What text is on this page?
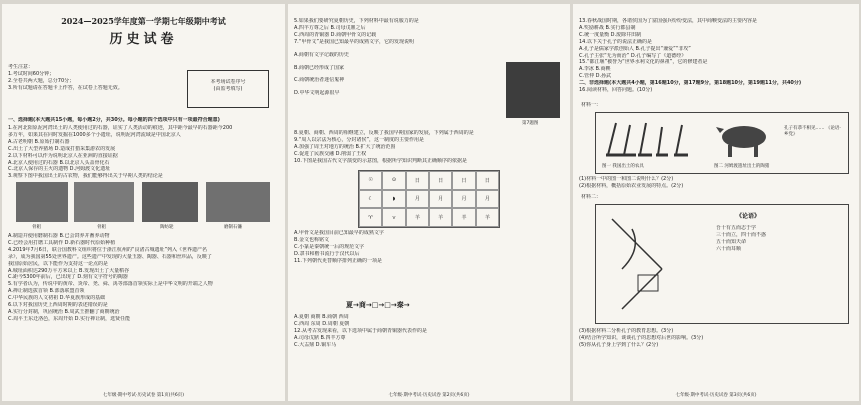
2024—2025学年度第一学期七年级期中考试
历史试卷
考生注意：
1.考试时间60分钟；
2.全卷共两大题，总分70分；
3.所有试题请在答题卡上作答，在试卷上答题无效。
本考场试卷序号
(由监考填写)
一、选择题(本大题共15小题，每小题2分，共30分。每小题的四个选项中只有一项最符合题意)
1.在河北阳原泥河湾出土的人类使用过的石器，证实了人类活动的痕迹，其中距今最早的石器距今200
多万年，如果其在同时发掘在1000多个小遗址，说明泥河湾流域是中国北京人
A.古老明朝 B.原始打制石器
C.出土了大型养猪场 D.造成打猎采集游农的发展
2.以下材料可以作为说明北京人在亚洲的直接证据
A.北京人使用过的石器 B.以北京人头盖骨化石
C.北京人保存的主火的遗物 D.河姆渡文化遗址
3.观察下图中我国出土的古农物，我们能够得出关于早期人类的结论是
骨耜	骨耜	陶纺轮	磨制石镰
A.制造并使用磨制石器 B.已会饲养并畜养动物
C.已经会用打磨工具制作 D.新石器时代原始种植
4.2019年7月6日，联合国教科文组织将位于浙江杭州的“良渚古城遗址”列入《世界遗产名
录》，成为我国第55处世界遗产。这些遗产中发现的大量玉器、陶器、石器和丝织品，反映了
我国原始居民，以下能作为支持这一论点的是
A.城址面积达290万平方米以上 B.发现出土了大量稻谷
C.距今5300年前后，已出现了 D.刻有文字符号的陶器
5.有学者认为，传说中的黄帝、炎帝、尧、舜、禹等部落首领实际上是中华文明的开端之人物
A.禅让制选拔首领 B.部落联盟首领
C.中华民族的人文初祖 D.华夏族形成的基础
6.以下对我国历史上西周时期的表述错误的是
A.实行分封制，巩固统治 B.周武王推翻了商朝统治
C.周平王东迁洛邑，东周开始 D.实行禅让制，选贤任能
七年级·期中考试·历史试卷 第1页(共6页)
5.如果我们要研究夏朝历史，下列材料中最有说服力的是
A.四羊方尊之后 B.司母戊鼎之后
C.西周的青铜器 D.商朝甲骨文的记载
7.“甲骨文”是我国已知最早的成熟文字，它的发现说明
A.商朝有文字记载的历史
B.商朝已经形成了国家
C.商朝统治者迷信鬼神
D.中华文明起源很早
第7题图
8.夏朝、商朝、西周的相继建立，反映了我国早期国家的发展，下列属于西周的是
9.“周人以宗法为核心，分封诸侯”，这一制度的主要作用是
A.加强了周王对地方的统治 B.扩大了统治范围
C.促进了民族交融 D.削弱了王权
10.下图是我国古代文字演变的示意图，根据所学知识判断其正确顺序的依据是
☉	⊙	日	日	日	日
☾	◗	月	月	月	月
♈	⋎	羊	羊	羊	羊
A.甲骨文是我国目前已知最早的成熟文字
B.金文也称铭文
C.小篆是秦朝统一后的规范文字
D.隶书和楷书流行于汉代以后
11.下列朝代更替顺序排列正确的一项是
夏→商→□→□→秦→
A.夏朝 商朝 B.商朝 西周
C.西周 东周 D.周朝 夏朝
12.从考古发现来看，以下选项中属于商朝青铜器代表作的是
A.司母戊鼎 B.四羊方尊
C.大盂鼎 D.铜车马
七年级·期中考试·历史试卷 第2页(共6页)
13.春秋战国时期，各诸侯国为了富国强兵纷纷变法，其中商鞅变法的主要内容是
A.奖励耕战 B.实行郡县制
C.统一度量衡 D.废除井田制
14.以下关于孔子的说法正确的是
A.孔子是儒家学派创始人 B.孔子提出“兼爱”“非攻”
C.孔子主张“无为而治” D.孔子编写了《道德经》
15.“都江堰”被誉为“世界水利文化的鼻祖”，它的修建者是
A.李冰 B.商鞅
C.管仲 D.孙武
二、非选择题(本大题共4小题，第16题10分，第17题9分，第18题10分，第19题11分，共40分)
16.阅读材料，回答问题。(10分)
材料一：
图一 我国出土的农具	图二 河姆渡遗址出土的陶猪
孔子有恭不相见…… 《论语·乡党》
(1)材料一中的图一和图二说明什么？(2分)
(2)根据材料，概括原始农业发展的特点。(2分)
材料二：
《论语》
吾十有五而志于学
三十而立，四十而不惑
五十而知天命
六十而耳顺
(3)根据材料二分析孔子的教育思想。(3分)
(4)结合所学知识，谈谈孔子的思想对后世的影响。(3分)
(5)你从孔子身上学到了什么？(2分)
七年级·期中考试·历史试卷 第3页(共6页)
